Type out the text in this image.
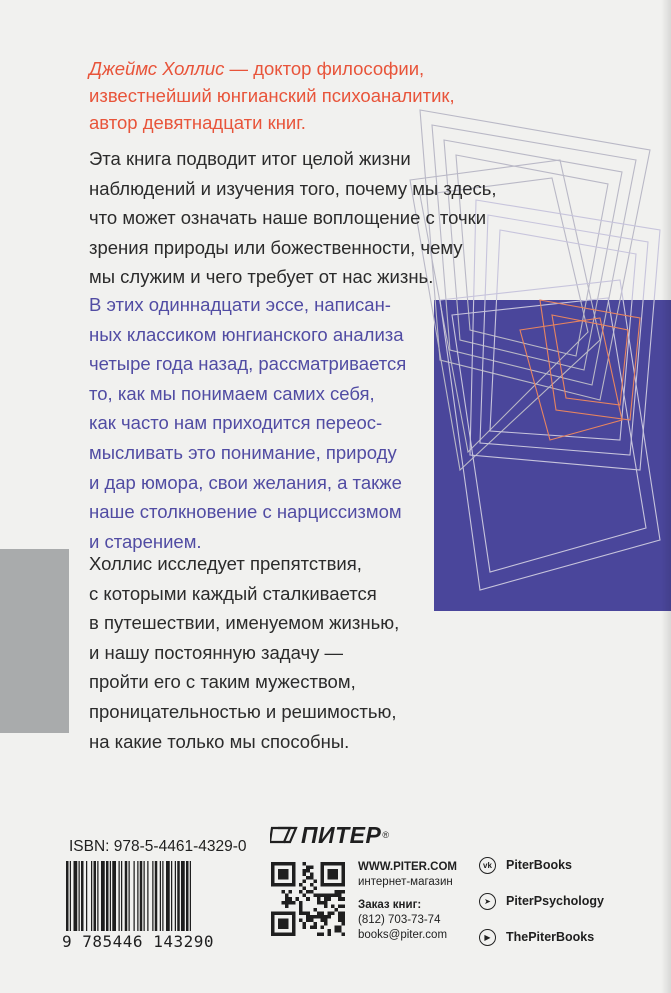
Джеймс Холлис — доктор философии,
известнейший юнгианский психоаналитик,
автор девятнадцати книг.
Эта книга подводит итог целой жизни
наблюдений и изучения того, почему мы здесь,
что может означать наше воплощение с точки
зрения природы или божественности, чему
мы служим и чего требует от нас жизнь.
В этих одиннадцати эссе, написан-
ных классиком юнгианского анализа
четыре года назад, рассматривается
то, как мы понимаем самих себя,
как часто нам приходится переос-
мысливать это понимание, природу
и дар юмора, свои желания, а также
наше столкновение с нарциссизмом
и старением.
Холлис исследует препятствия,
с которыми каждый сталкивается
в путешествии, именуемом жизнью,
и нашу постоянную задачу —
пройти его с таким мужеством,
проницательностью и решимостью,
на какие только мы способны.
ISBN: 978-5-4461-4329-0
9 785446 143290
ПИТЕР ®
WWW.PITER.COM
интернет-магазин
Заказ книг:
(812) 703-73-74
books@piter.com
vk	PiterBooks
➤	PiterPsychology
▶	ThePiterBooks
